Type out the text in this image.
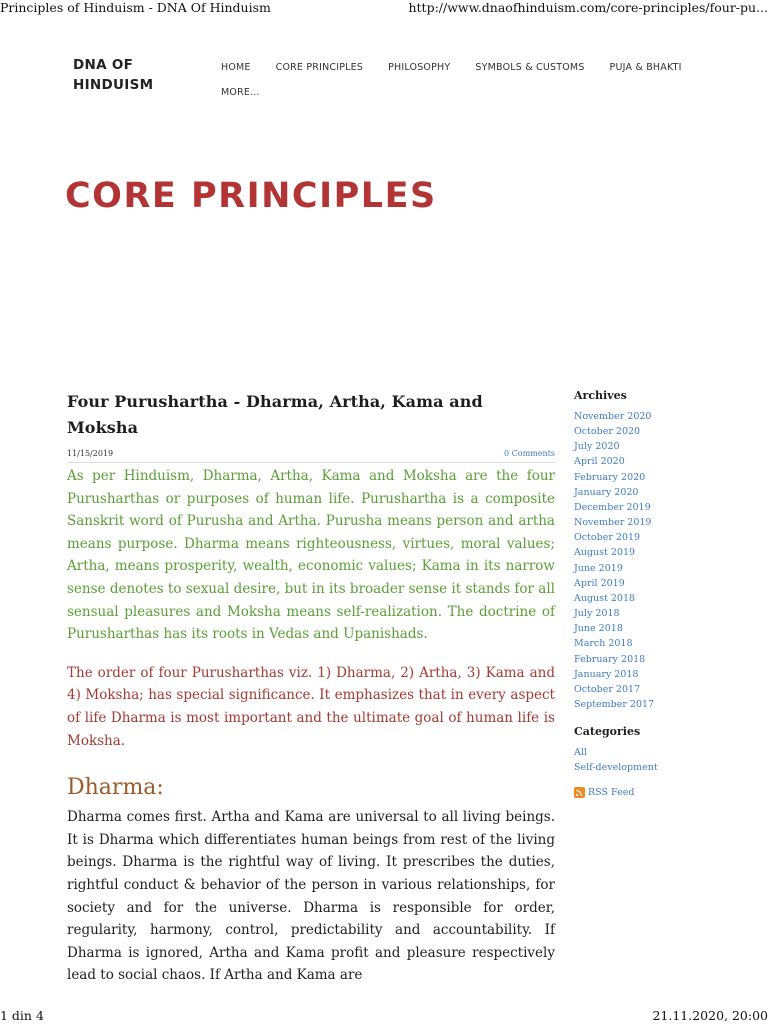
Principles of Hinduism - DNA Of Hinduism	http://www.dnaofhinduism.com/core-principles/four-pu...
DNA OF
HINDUISM
HOME	CORE PRINCIPLES	PHILOSOPHY	SYMBOLS & CUSTOMS	PUJA & BHAKTI
MORE...
CORE PRINCIPLES
Four Purushartha - Dharma, Artha, Kama and Moksha
11/15/2019	0 Comments

As per Hinduism, Dharma, Artha, Kama and Moksha are the four Purusharthas or purposes of human life. Purushartha is a composite Sanskrit word of Purusha and Artha. Purusha means person and artha means purpose. Dharma means righteousness, virtues, moral values; Artha, means prosperity, wealth, economic values; Kama in its narrow sense denotes to sexual desire, but in its broader sense it stands for all sensual pleasures and Moksha means self-realization. The doctrine of Purusharthas has its roots in Vedas and Upanishads.

The order of four Purusharthas viz. 1) Dharma, 2) Artha, 3) Kama and 4) Moksha; has special significance. It emphasizes that in every aspect of life Dharma is most important and the ultimate goal of human life is Moksha.

Dharma:

Dharma comes first. Artha and Kama are universal to all living beings. It is Dharma which differentiates human beings from rest of the living beings. Dharma is the rightful way of living. It prescribes the duties, rightful conduct & behavior of the person in various relationships, for society and for the universe. Dharma is responsible for order, regularity, harmony, control, predictability and accountability. If Dharma is ignored, Artha and Kama profit and pleasure respectively lead to social chaos. If Artha and Kama are

Archives
November 2020
October 2020
July 2020
April 2020
February 2020
January 2020
December 2019
November 2019
October 2019
August 2019
June 2019
April 2019
August 2018
July 2018
June 2018
March 2018
February 2018
January 2018
October 2017
September 2017
Categories
All
Self-development
RSS Feed
1 din 4	21.11.2020, 20:00
